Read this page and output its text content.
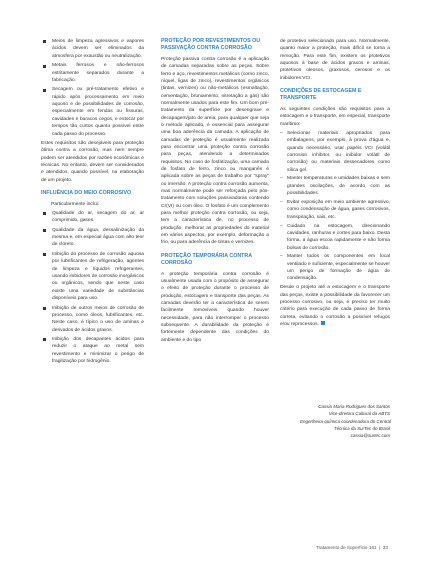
Meios de limpeza agressivos e vapores ácidos devem ser eliminados da atmosfera por exaustão ou neutralização.
Metais ferrosos e não-ferrosos estritamente separados durante a fabricação.
Secagem ou pré-tratamento efetivo e rápido após processamento em meio aquoso e de possibilidades de corrosão, especialmente em fendas ou fissuras, cavidades e buracos cegos, e estocar por tempos tão curtos quanto possível entre cada passo do processo.

Estes requisitos são desejáveis para proteção ótima contra a corrosão, mas nem sempre podem ser atendidos por razões econômicas e técnicas. No entanto, devem ser considerados e atendidos, quando possível, na elaboração de um projeto.

INFLUÊNCIA DO MEIO CORROSIVO

Particularmente inclui:

Qualidade do ar, secagem do ar, ar comprimido, gases.
Qualidade da água, dessalinização da mesma e, em especial água com alto teor de cloreto.
Inibição do processo de corrosão aquosa por lubrificantes de refrigeração, agentes de limpeza e líquidos refrigerantes, usando inibidores de corrosão inorgânicos ou orgânicos, sendo que neste caso existe uma variedade de substâncias disponíveis para uso.
Inibição de outros meios de corrosão de processo, como óleos, lubrificantes, etc. Neste caso, é típico o uso de aminas e derivados de ácidos graxos.
Inibição dos decapantes ácidos para reduzir o ataque ao metal sem revestimento e minimizar o perigo de fragilização por hidrogênio.
PROTEÇÃO POR REVESTIMENTOS OU PASSIVAÇÃO CONTRA CORROSÃO

Proteção passiva contra corrosão é a aplicação de camadas separadas sobre as peças. Sobre ferro e aço, revestimentos metálicos (como zinco, níquel, ligas de zinco), revestimentos orgânicos (tintas, vernizes) ou não-metálicos (esmaltação, cementação, bruniamento, nitretação a gás) são normalmente usados para este fim. Um bom pré-tratamento da superfície por desengraxe e decapagem/jato de areia, para qualquer que seja o método aplicado, é essencial para assegurar uma boa aderência da camada. A aplicação de camadas de proteção é usualmente realizada para encontrar uma proteção contra corrosão para peças, atendendo a determinados requisitos. No caso de fosfatização, uma camada de fosfato de ferro, zinco ou manganês é aplicada sobre as peças de trabalho por "spray" ou imersão. A proteção contra corrosão aumenta, mas normalmente pode ser reforçada pelo pós-tratamento com soluções passivadoras contendo Cr(VI) ou com óleo. O fosfato é um complemento para melhor proteção contra corrosão, ou seja, tem a característica de, no processo de produção, melhorar as propriedades do material em vários aspectos, por exemplo, deformação a frio, ou para aderência de tintas e vernizes.

PROTEÇÃO TEMPORÁRIA CONTRA CORROSÃO

A proteção temporária contra corrosão é usualmente usada com o propósito de assegurar o efeito de proteção durante o processo de produção, estocagem e transporte das peças. As camadas deverão ter a característica de serem facilmente removíveis quando houver necessidade, para não interromper o processo subsequente. A durabilidade da proteção é fortemente dependente das condições do ambiente e do tipo

de protetivo selecionado para uso. Normalmente, quanto maior a proteção, mais difícil se torna a remoção. Para este fim, existem os protetivos aquosos à base de ácidos graxos e aminas, protetivos oleosos, graxosos, cerosos e os inibidores VCI.

CONDIÇÕES DE ESTOCAGEM E TRANSPORTE

As seguintes condições são requisitos para a estocagem e o transporte, em especial, transporte marítimo:

– Selecionar materiais apropriados para embalagens, por exemplo, à prova d'água e, quando necessário, usar papéis VCI (volátil corrosion inhibitor, ou inibidor volátil de corrosão) ou materiais dessecadores como sílica gel.
– Manter temperaturas e umidades baixas e sem grandes oscilações, de acordo com as possibilidades.
– Evitar exposição em meio ambiente agressivo, como condensação de água, gases corrosivos, transpiração, sais, etc.
– Cuidado na estocagem, direcionando cavidades, ranhuras e cortes para baixo. Desta forma, a água escoa rapidamente e não forma bolsas de corrosão.
– Manter todos os componentes em local ventilado e suficiente, especialmente se houver um perigo de formação de água de condensação.

Desde o projeto até a estocagem e o transporte das peças, existe a possibilidade da favorecer um processo corrosivo, ou seja, é preciso ter muito critério para execução de cada passo de forma correta, evitando o corrosão a possível refugos e/ou reprocessos.

Cassia Maria Rodrigues dos Santos
Vice-diretora Cultural da ABTS
Engenheira química coordenadora do Central
Técnica da SurTec do Brasil
cassia@surtec.com
Tratamento de Superfície 161  |  33
